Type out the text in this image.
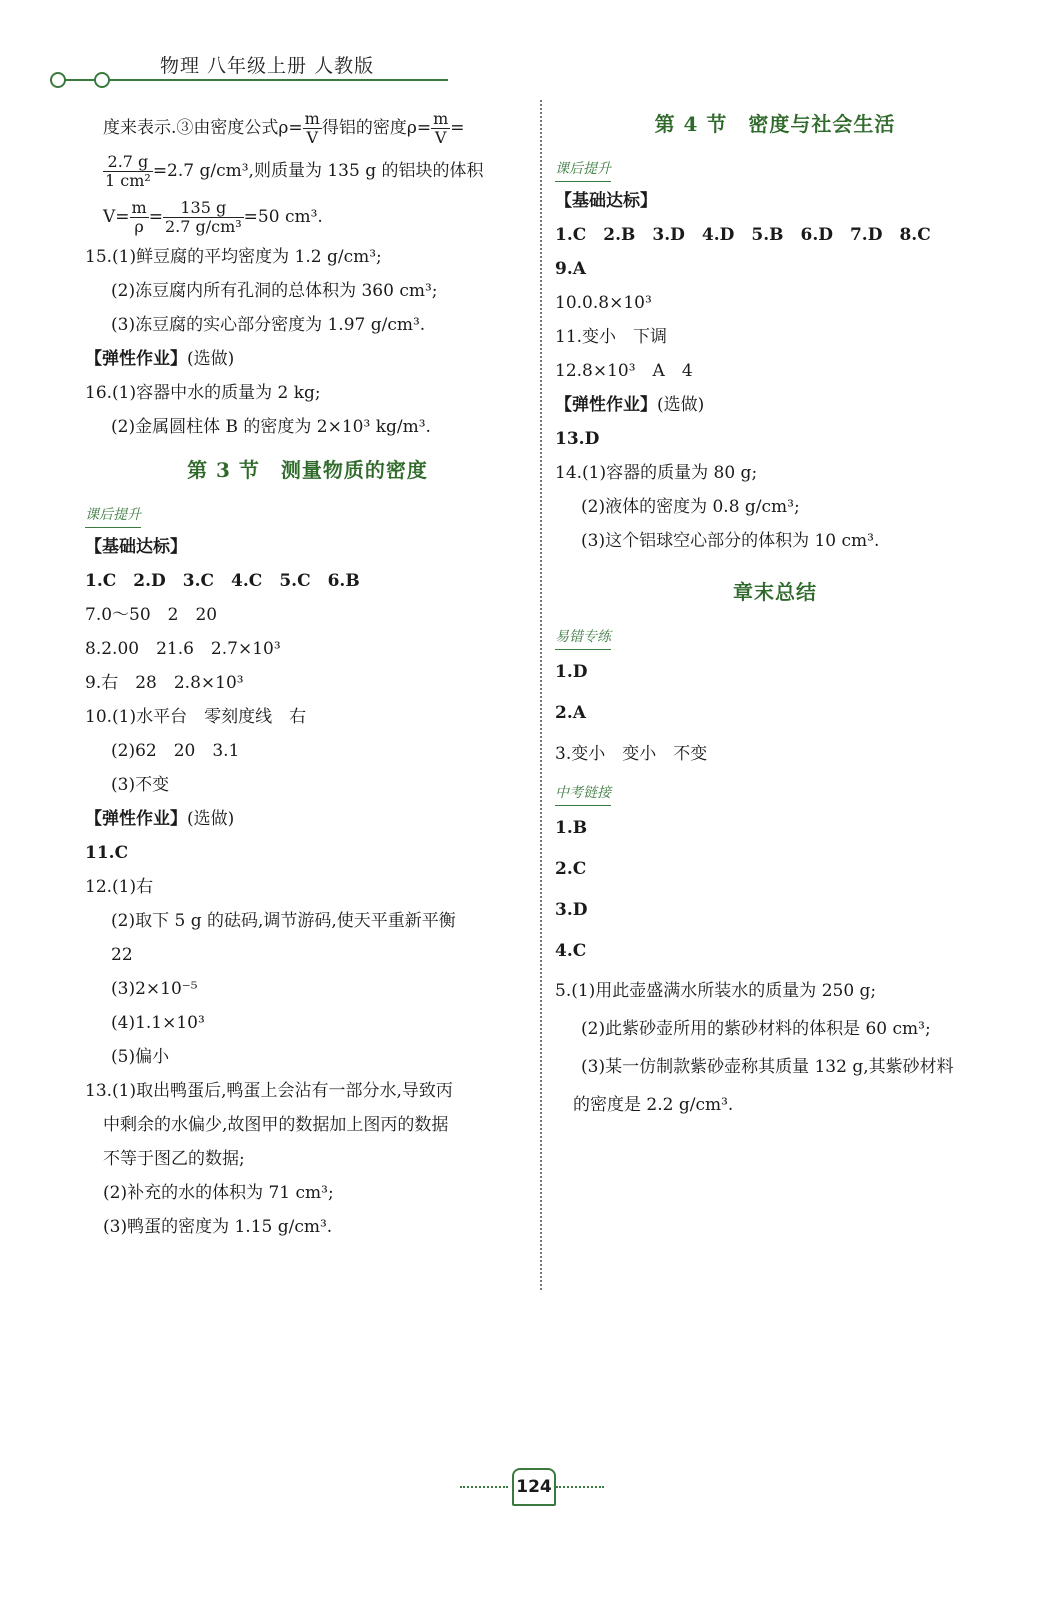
物理 八年级上册 人教版
度来表示.③由密度公式$\rho= \frac{m}{V}$ 得铝的密度$\rho= \frac{m}{V}$ =
$\frac{2.7 g}{\text{1 cm²}} =2.7$ g/cm³,则质量为 135 g 的铝块的体积
$V= \frac{m}{\rho} = \frac{135 g}{\text{2.7 g/cm³}} =50$ cm³.
15.(1)鲜豆腐的平均密度为 1.2 g/cm³;
(2)冻豆腐内所有孔洞的总体积为 360 cm³;
(3)冻豆腐的实心部分密度为 1.97 g/cm³.
【弹性作业】(选做)
16.(1)容器中水的质量为 2 kg;
(2)金属圆柱体 B 的密度为 2×10³ kg/m³.
第 3 节　测量物质的密度
课后提升
【基础达标】
1.C　2.D　3.C　4.C　5.C　6.B
7.0～50　2　20
8.2.00　21.6　2.7×10³
9.右　28　2.8×10³
10.(1)水平台　零刻度线　右
(2)62　20　3.1
(3)不变
【弹性作业】(选做)
11.C
12.(1)右
(2)取下 5 g 的砝码,调节游码,使天平重新平衡
22
(3)2×10⁻⁵
(4)1.1×10³
(5)偏小
13.(1)取出鸭蛋后,鸭蛋上会沾有一部分水,导致丙
中剩余的水偏少,故图甲的数据加上图丙的数据
不等于图乙的数据;
(2)补充的水的体积为 71 cm³;
(3)鸭蛋的密度为 1.15 g/cm³.
第 4 节　密度与社会生活
课后提升
【基础达标】
1.C　2.B　3.D　4.D　5.B　6.D　7.D　8.C
9.A
10.0.8×10³
11.变小　下调
12.8×10³　A　4
【弹性作业】(选做)
13.D
14.(1)容器的质量为 80 g;
(2)液体的密度为 0.8 g/cm³;
(3)这个铝球空心部分的体积为 10 cm³.
章末总结
易错专练
1.D
2.A
3.变小　变小　不变
中考链接
1.B
2.C
3.D
4.C
5.(1)用此壶盛满水所装水的质量为 250 g;
(2)此紫砂壶所用的紫砂材料的体积是 60 cm³;
(3)某一仿制款紫砂壶称其质量 132 g,其紫砂材料
的密度是 2.2 g/cm³.
124
